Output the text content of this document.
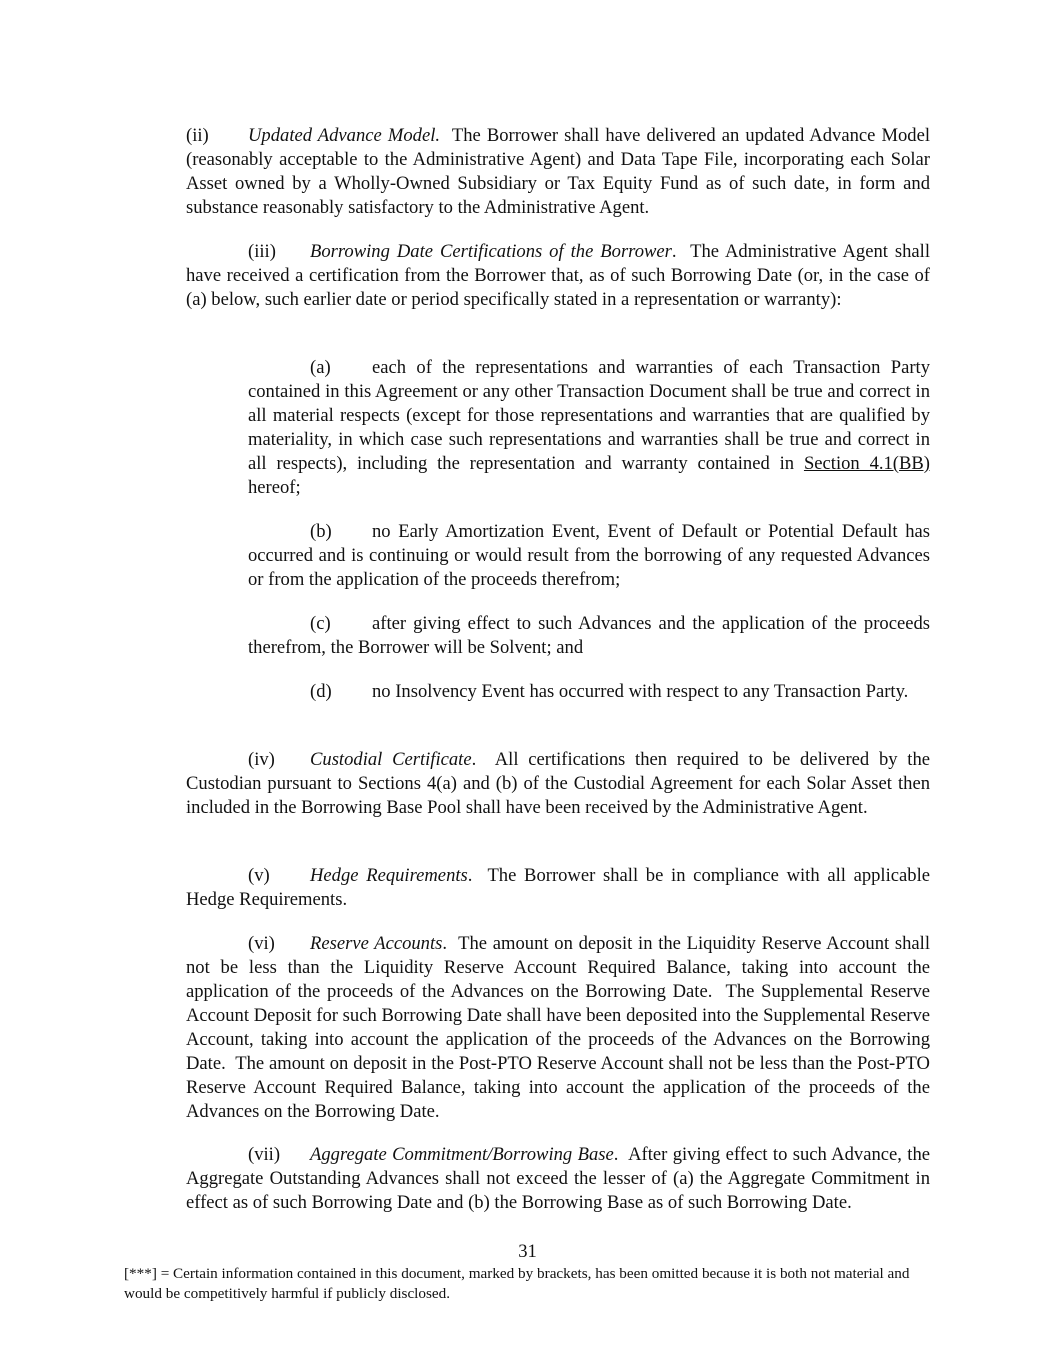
(ii) Updated Advance Model.  The Borrower shall have delivered an updated Advance Model (reasonably acceptable to the Administrative Agent) and Data Tape File, incorporating each Solar Asset owned by a Wholly-Owned Subsidiary or Tax Equity Fund as of such date, in form and substance reasonably satisfactory to the Administrative Agent.

(iii) Borrowing Date Certifications of the Borrower.  The Administrative Agent shall have received a certification from the Borrower that, as of such Borrowing Date (or, in the case of (a) below, such earlier date or period specifically stated in a representation or warranty):

(a) each of the representations and warranties of each Transaction Party contained in this Agreement or any other Transaction Document shall be true and correct in all material respects (except for those representations and warranties that are qualified by materiality, in which case such representations and warranties shall be true and correct in all respects), including the representation and warranty contained in Section 4.1(BB) hereof;

(b) no Early Amortization Event, Event of Default or Potential Default has occurred and is continuing or would result from the borrowing of any requested Advances or from the application of the proceeds therefrom;

(c) after giving effect to such Advances and the application of the proceeds therefrom, the Borrower will be Solvent; and

(d) no Insolvency Event has occurred with respect to any Transaction Party.

(iv) Custodial Certificate.  All certifications then required to be delivered by the Custodian pursuant to Sections 4(a) and (b) of the Custodial Agreement for each Solar Asset then included in the Borrowing Base Pool shall have been received by the Administrative Agent.

(v) Hedge Requirements.  The Borrower shall be in compliance with all applicable Hedge Requirements.

(vi) Reserve Accounts.  The amount on deposit in the Liquidity Reserve Account shall not be less than the Liquidity Reserve Account Required Balance, taking into account the application of the proceeds of the Advances on the Borrowing Date.  The Supplemental Reserve Account Deposit for such Borrowing Date shall have been deposited into the Supplemental Reserve Account, taking into account the application of the proceeds of the Advances on the Borrowing Date.  The amount on deposit in the Post-PTO Reserve Account shall not be less than the Post-PTO Reserve Account Required Balance, taking into account the application of the proceeds of the Advances on the Borrowing Date.

(vii) Aggregate Commitment/Borrowing Base.  After giving effect to such Advance, the Aggregate Outstanding Advances shall not exceed the lesser of (a) the Aggregate Commitment in effect as of such Borrowing Date and (b) the Borrowing Base as of such Borrowing Date.

31
[***] = Certain information contained in this document, marked by brackets, has been omitted because it is both not material and would be competitively harmful if publicly disclosed.
